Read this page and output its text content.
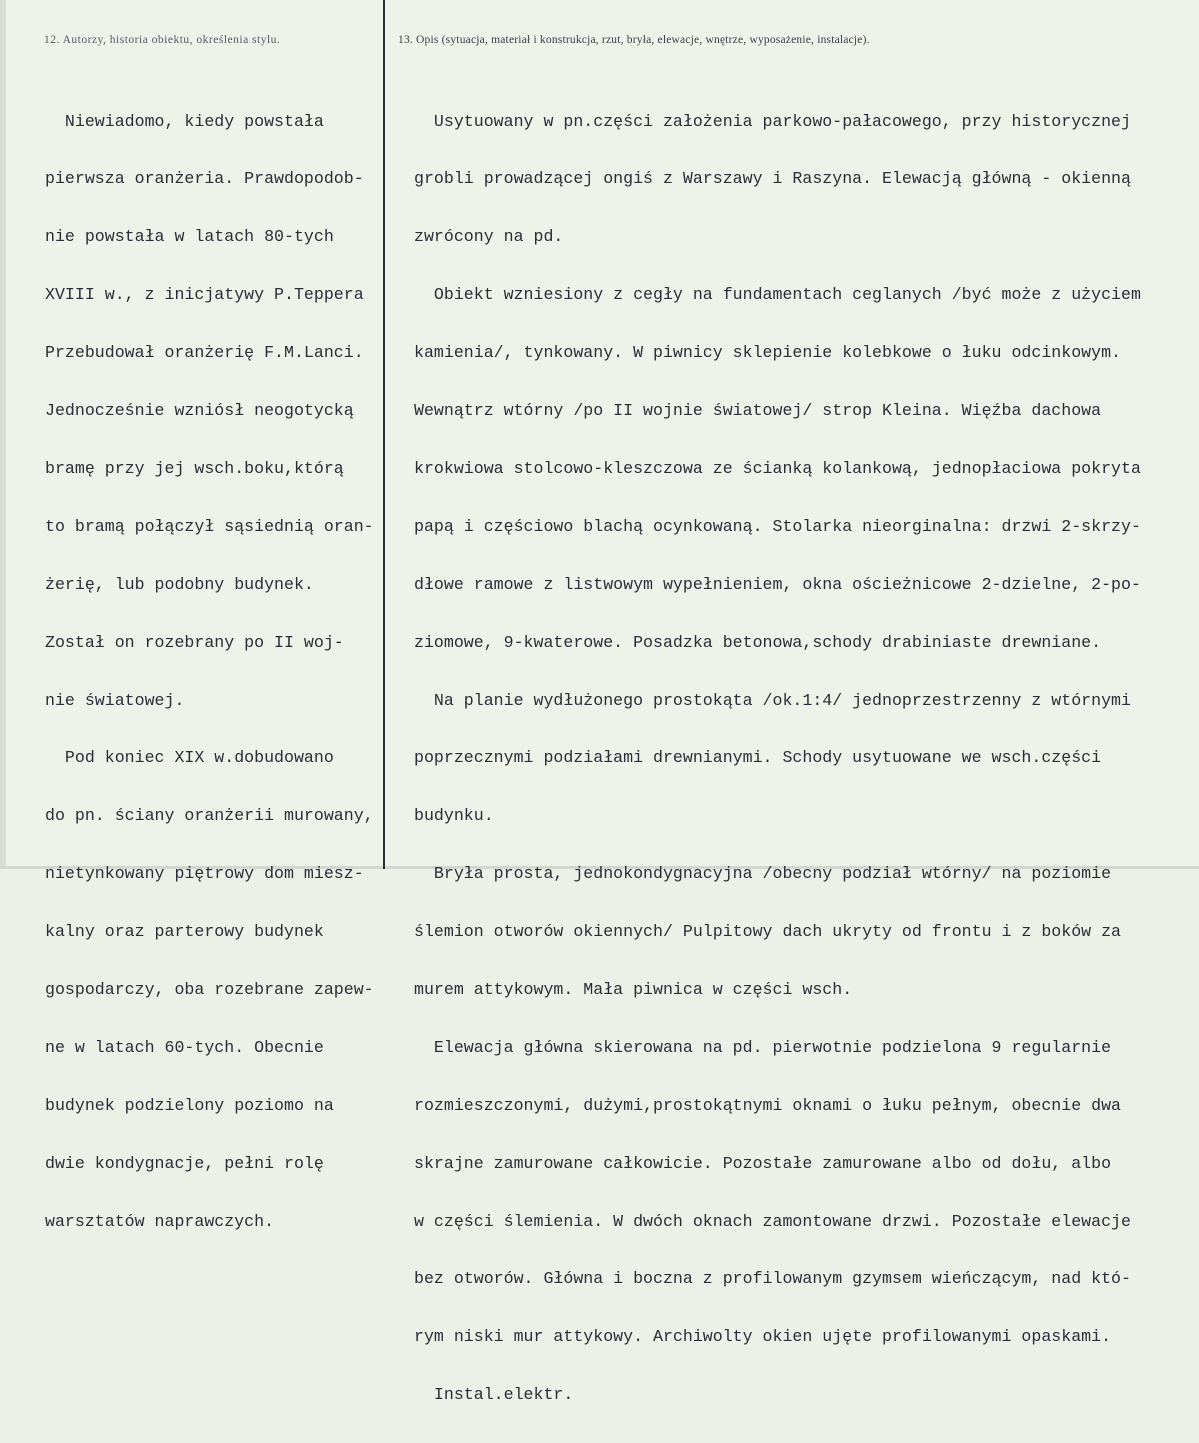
12. Autorzy, historia obiektu, określenia stylu.	13. Opis (sytuacja, materiał i konstrukcja, rzut, bryła, elewacje, wnętrze, wyposażenie, instalacje).

Niewiadomo, kiedy powstała

pierwsza oranżeria. Prawdopodob-

nie powstała w latach 80-tych

XVIII w., z inicjatywy P.Teppera

Przebudował oranżerię F.M.Lanci.

Jednocześnie wzniósł neogotycką

bramę przy jej wsch.boku,którą

to bramą połączył sąsiednią oran-

żerię, lub podobny budynek.

Został on rozebrany po II woj-

nie światowej.

Pod koniec XIX w.dobudowano

do pn. ściany oranżerii murowany,

nietynkowany piętrowy dom miesz-

kalny oraz parterowy budynek

gospodarczy, oba rozebrane zapew-

ne w latach 60-tych. Obecnie

budynek podzielony poziomo na

dwie kondygnacje, pełni rolę

warsztatów naprawczych.

Usytuowany w pn.części założenia parkowo-pałacowego, przy historycznej

grobli prowadzącej ongiś z Warszawy i Raszyna. Elewacją główną - okienną

zwrócony na pd.

Obiekt wzniesiony z cegły na fundamentach ceglanych /być może z użyciem

kamienia/, tynkowany. W piwnicy sklepienie kolebkowe o łuku odcinkowym.

Wewnątrz wtórny /po II wojnie światowej/ strop Kleina. Więźba dachowa

krokwiowa stolcowo-kleszczowa ze ścianką kolankową, jednopłaciowa pokryta

papą i częściowo blachą ocynkowaną. Stolarka nieorginalna: drzwi 2-skrzy-

dłowe ramowe z listwowym wypełnieniem, okna ościeżnicowe 2-dzielne, 2-po-

ziomowe, 9-kwaterowe. Posadzka betonowa,schody drabiniaste drewniane.

Na planie wydłużonego prostokąta /ok.1:4/ jednoprzestrzenny z wtórnymi

poprzecznymi podziałami drewnianymi. Schody usytuowane we wsch.części

budynku.

Bryła prosta, jednokondygnacyjna /obecny podział wtórny/ na poziomie

ślemion otworów okiennych/ Pulpitowy dach ukryty od frontu i z boków za

murem attykowym. Mała piwnica w części wsch.

Elewacja główna skierowana na pd. pierwotnie podzielona 9 regularnie

rozmieszczonymi, dużymi,prostokątnymi oknami o łuku pełnym, obecnie dwa

skrajne zamurowane całkowicie. Pozostałe zamurowane albo od dołu, albo

w części ślemienia. W dwóch oknach zamontowane drzwi. Pozostałe elewacje

bez otworów. Główna i boczna z profilowanym gzymsem wieńczącym, nad któ-

rym niski mur attykowy. Archiwolty okien ujęte profilowanymi opaskami.

Instal.elektr.
